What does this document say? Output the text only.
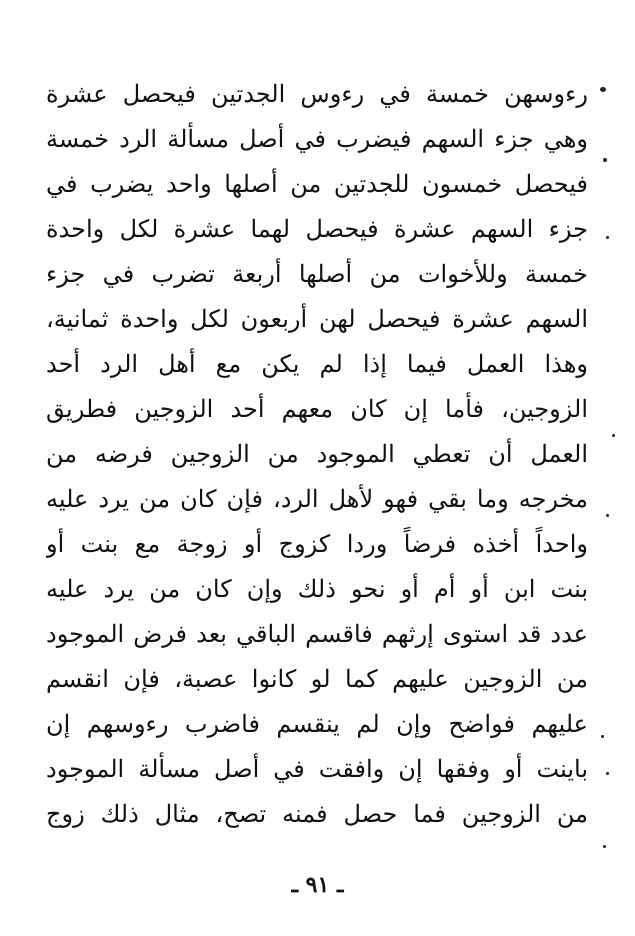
رءوسهن خمسة في رءوس الجدتين فيحصل عشرة
وهي جزء السهم فيضرب في أصل مسألة الرد خمسة
فيحصل خمسون للجدتين من أصلها واحد يضرب في
جزء السهم عشرة فيحصل لهما عشرة لكل واحدة
خمسة وللأخوات من أصلها أربعة تضرب في جزء
السهم عشرة فيحصل لهن أربعون لكل واحدة ثمانية،
وهذا العمل فيما إذا لم يكن مع أهل الرد أحد
الزوجين، فأما إن كان معهم أحد الزوجين فطريق
العمل أن تعطي الموجود من الزوجين فرضه من
مخرجه وما بقي فهو لأهل الرد، فإن كان من يرد عليه
واحداً أخذه فرضاً وردا كزوج أو زوجة مع بنت أو
بنت ابن أو أم أو نحو ذلك وإن كان من يرد عليه
عدد قد استوى إرثهم فاقسم الباقي بعد فرض الموجود
من الزوجين عليهم كما لو كانوا عصبة، فإن انقسم
عليهم فواضح وإن لم ينقسم فاضرب رءوسهم إن
باينت أو وفقها إن وافقت في أصل مسألة الموجود
من الزوجين فما حصل فمنه تصح، مثال ذلك زوج
ـ ٩١ ـ
